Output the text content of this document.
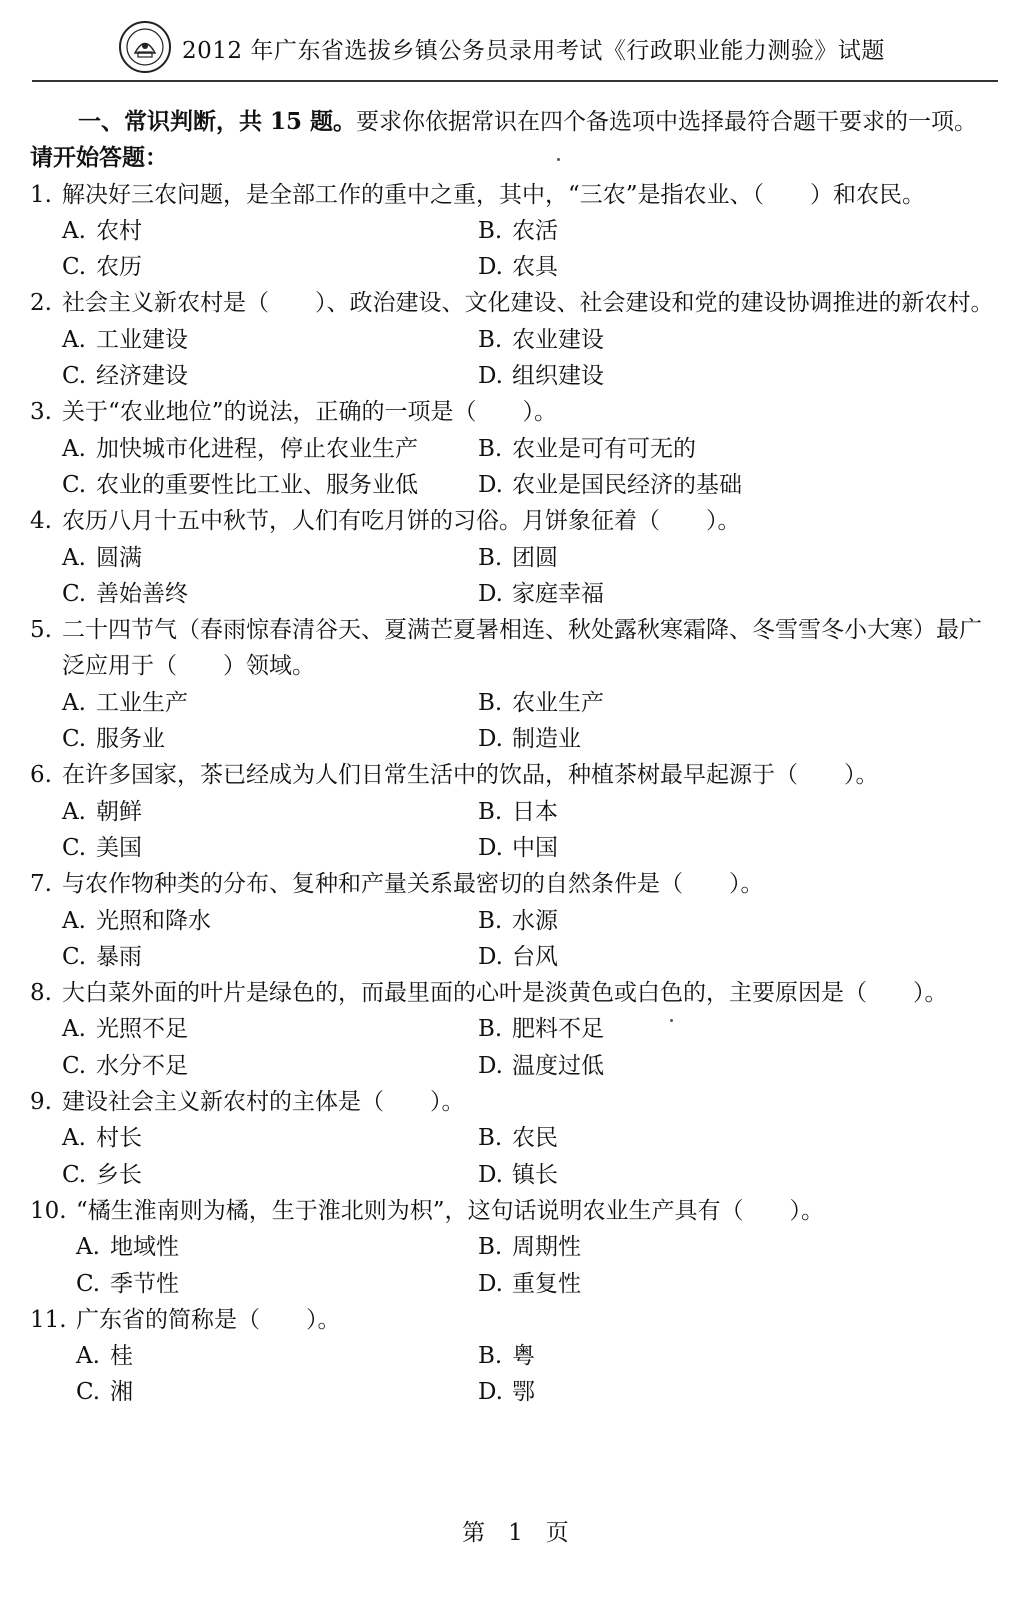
2012 年广东省选拔乡镇公务员录用考试《行政职业能力测验》试题
一、常识判断，共 15 题。要求你依据常识在四个备选项中选择最符合题干要求的一项。
请开始答题：
1. 解决好三农问题，是全部工作的重中之重，其中，“三农”是指农业、（　　）和农民。
A. 农村	B. 农活
C. 农历	D. 农具
2. 社会主义新农村是（　　）、政治建设、文化建设、社会建设和党的建设协调推进的新农村。
A. 工业建设	B. 农业建设
C. 经济建设	D. 组织建设
3. 关于“农业地位”的说法，正确的一项是（　　）。
A. 加快城市化进程，停止农业生产	B. 农业是可有可无的
C. 农业的重要性比工业、服务业低	D. 农业是国民经济的基础
4. 农历八月十五中秋节，人们有吃月饼的习俗。月饼象征着（　　）。
A. 圆满	B. 团圆
C. 善始善终	D. 家庭幸福
5. 二十四节气（春雨惊春清谷天、夏满芒夏暑相连、秋处露秋寒霜降、冬雪雪冬小大寒）最广泛应用于（　　）领域。
A. 工业生产	B. 农业生产
C. 服务业	D. 制造业
6. 在许多国家，茶已经成为人们日常生活中的饮品，种植茶树最早起源于（　　）。
A. 朝鲜	B. 日本
C. 美国	D. 中国
7. 与农作物种类的分布、复种和产量关系最密切的自然条件是（　　）。
A. 光照和降水	B. 水源
C. 暴雨	D. 台风
8. 大白菜外面的叶片是绿色的，而最里面的心叶是淡黄色或白色的，主要原因是（　　）。
A. 光照不足	B. 肥料不足
C. 水分不足	D. 温度过低
9. 建设社会主义新农村的主体是（　　）。
A. 村长	B. 农民
C. 乡长	D. 镇长
10. “橘生淮南则为橘，生于淮北则为枳”，这句话说明农业生产具有（　　）。
A. 地域性	B. 周期性
C. 季节性	D. 重复性
11. 广东省的简称是（　　）。
A. 桂	B. 粤
C. 湘	D. 鄂
第　1　页
